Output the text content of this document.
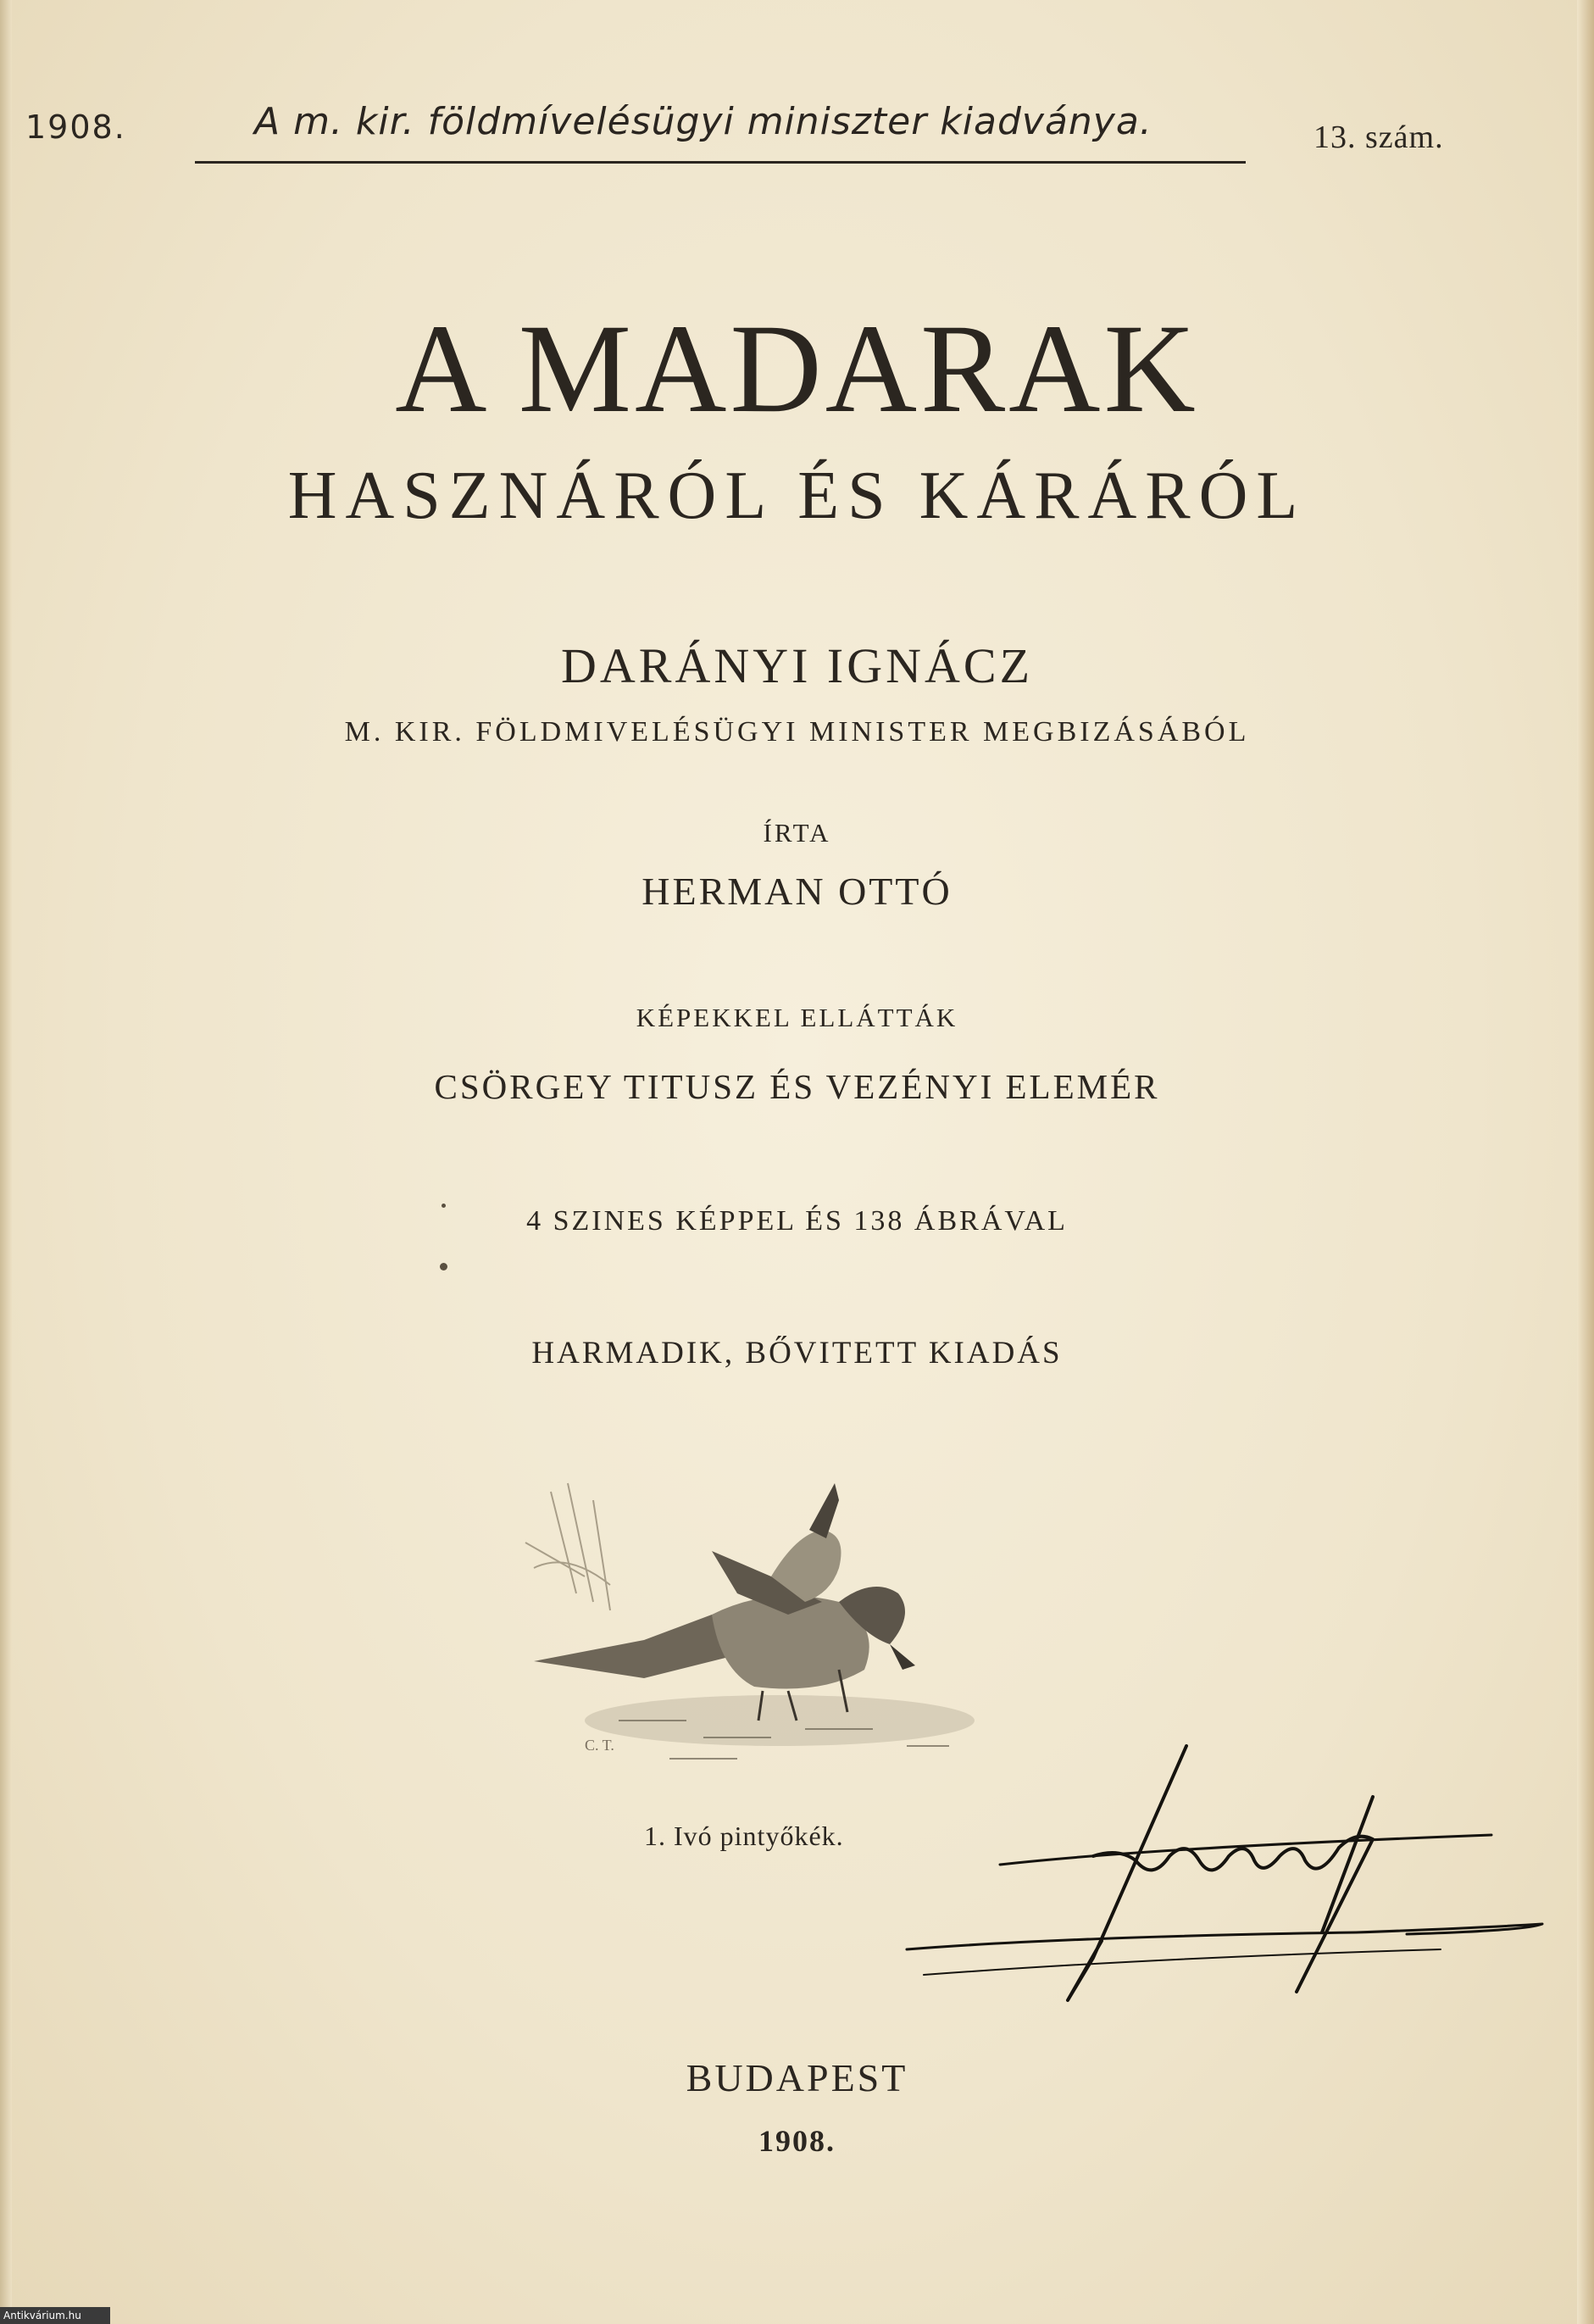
1908.	A m. kir. földmívelésügyi miniszter kiadványa.	13. szám.
A MADARAK
HASZNÁRÓL ÉS KÁRÁRÓL
DARÁNYI IGNÁCZ
M. KIR. FÖLDMIVELÉSÜGYI MINISTER MEGBIZÁSÁBÓL
ÍRTA
HERMAN OTTÓ
KÉPEKKEL ELLÁTTÁK
CSÖRGEY TITUSZ ÉS VEZÉNYI ELEMÉR
4 SZINES KÉPPEL ÉS 138 ÁBRÁVAL
HARMADIK, BŐVITETT KIADÁS
C. T.
1. Ivó pintyőkék.
BUDAPEST
1908.
Antikvárium.hu
